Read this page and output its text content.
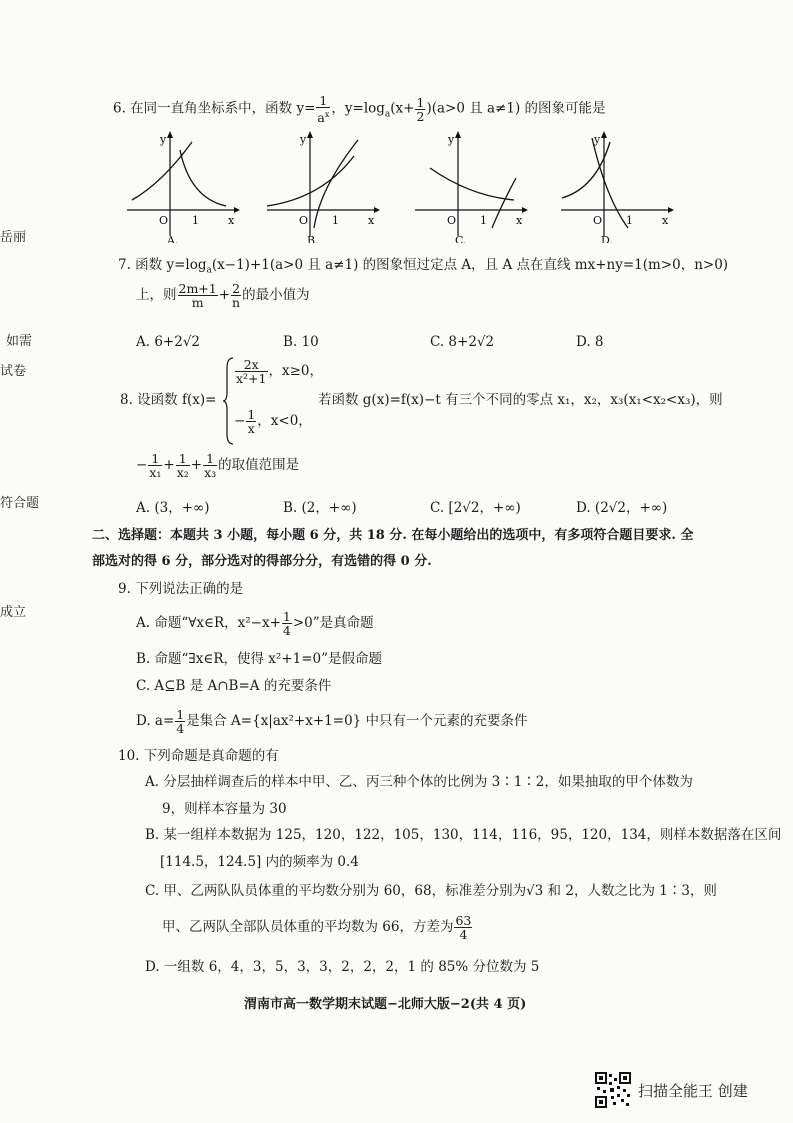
岳丽
如需
试卷
符合题
成立
6. 在同一直角坐标系中，函数 $y= \frac{1}{a^x}$ ，$y=\log_a(x+ \frac{1}{2} )(a>0$ 且 a≠1) 的图象可能是
y
O 1	x
A.
y
O 1	x
B.
y
O 1	x
C.
y
O 1	x
D.
7. 函数 $y=\log_a(x-1)+1(a>0$ 且 a≠1) 的图象恒过定点 A，且 A 点在直线 mx+ny=1(m>0，n>0)
上，则 $\frac{2m+1}{m} + \frac{2}{n}$ 的最小值为
A. 6+2√2	B. 10	C. 8+2√2	D. 8
8. 设函数 f(x)=
$\frac{2x}{\text{x²+1}}$ ，x≥0，
− $\frac{1}{x}$ ，x<0，
若函数 g(x)=f(x)−t 有三个不同的零点 x₁，x₂，x₃(x₁<x₂<x₃)，则
− $\frac{1}{\text{x₁}} + \frac{1}{\text{x₂}} + \frac{1}{\text{x₃}}$ 的取值范围是
A. (3，+∞)	B. (2，+∞)	C. [2√2，+∞)	D. (2√2，+∞)
二、选择题：本题共 3 小题，每小题 6 分，共 18 分. 在每小题给出的选项中，有多项符合题目要求. 全
部选对的得 6 分，部分选对的得部分分，有选错的得 0 分.
9. 下列说法正确的是
A. 命题“∀x∈R，$x^2-x+ \frac{1}{4} >0$”是真命题
B. 命题“∃x∈R，使得 x²+1=0”是假命题
C. A⊆B 是 A∩B=A 的充要条件
D. $a= \frac{1}{4}$ 是集合 A={x|ax²+x+1=0} 中只有一个元素的充要条件
10. 下列命题是真命题的有
A. 分层抽样调查后的样本中甲、乙、丙三种个体的比例为 3∶1∶2，如果抽取的甲个体数为
9，则样本容量为 30
B. 某一组样本数据为 125，120，122，105，130，114，116，95，120，134，则样本数据落在区间
[114.5，124.5] 内的频率为 0.4
C. 甲、乙两队队员体重的平均数分别为 60，68，标准差分别为√3 和 2，人数之比为 1∶3，则
甲、乙两队全部队员体重的平均数为 66，方差为 $\frac{63}{4}$
D. 一组数 6，4，3，5，3，3，2，2，2，1 的 85% 分位数为 5
渭南市高一数学期末试题−北师大版−2(共 4 页)
扫描全能王 创建
